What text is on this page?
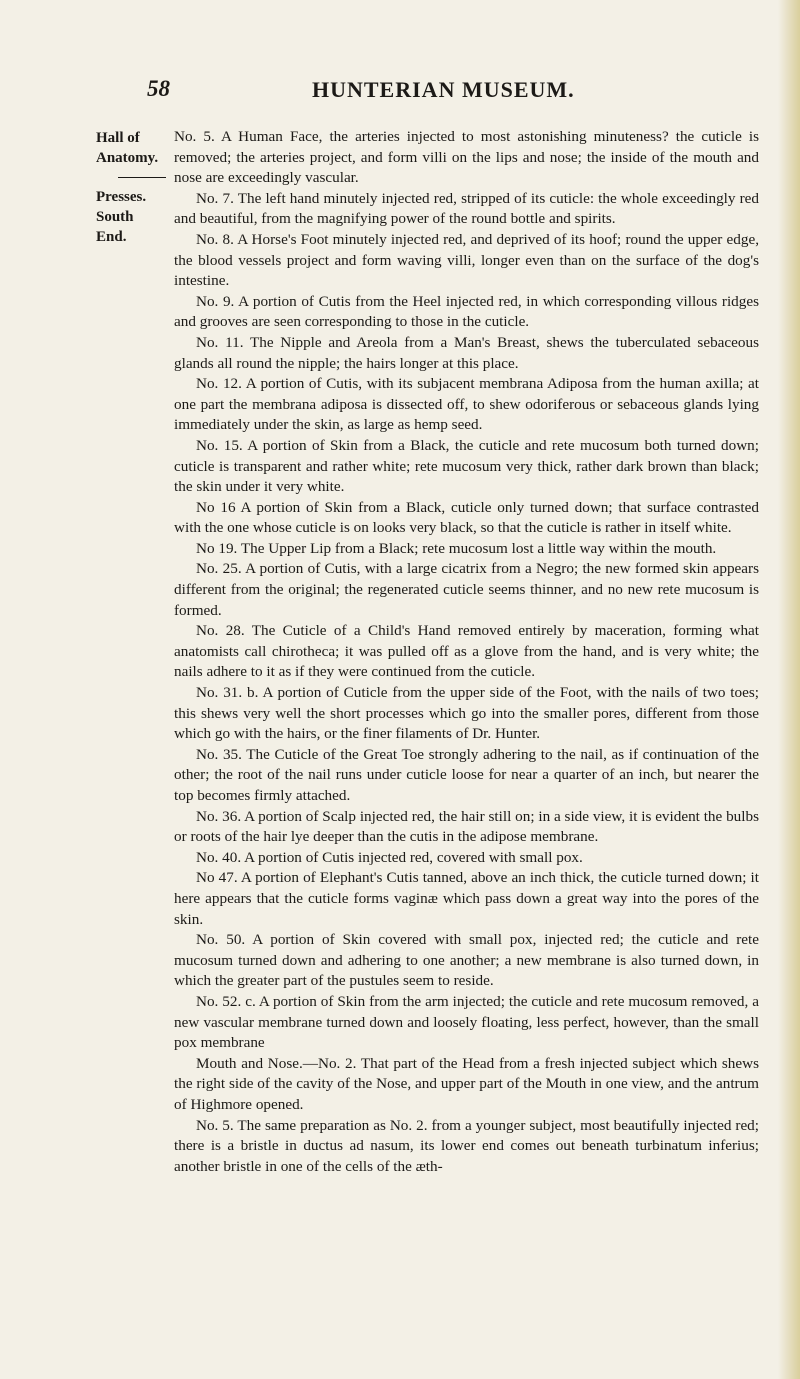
58	HUNTERIAN MUSEUM.
Hall of
Anatomy.
Presses.
South End.

No. 5. A Human Face, the arteries injected to most astonishing minuteness? the cuticle is removed; the arteries project, and form villi on the lips and nose; the inside of the mouth and nose are exceedingly vascular.

No. 7. The left hand minutely injected red, stripped of its cuticle: the whole exceedingly red and beautiful, from the magnifying power of the round bottle and spirits.

No. 8. A Horse's Foot minutely injected red, and deprived of its hoof; round the upper edge, the blood vessels project and form waving villi, longer even than on the surface of the dog's intestine.

No. 9. A portion of Cutis from the Heel injected red, in which corresponding villous ridges and grooves are seen corresponding to those in the cuticle.

No. 11. The Nipple and Areola from a Man's Breast, shews the tuberculated sebaceous glands all round the nipple; the hairs longer at this place.

No. 12. A portion of Cutis, with its subjacent membrana Adiposa from the human axilla; at one part the membrana adiposa is dissected off, to shew odoriferous or sebaceous glands lying immediately under the skin, as large as hemp seed.

No. 15. A portion of Skin from a Black, the cuticle and rete mucosum both turned down; cuticle is transparent and rather white; rete mucosum very thick, rather dark brown than black; the skin under it very white.

No 16 A portion of Skin from a Black, cuticle only turned down; that surface contrasted with the one whose cuticle is on looks very black, so that the cuticle is rather in itself white.

No 19. The Upper Lip from a Black; rete mucosum lost a little way within the mouth.

No. 25. A portion of Cutis, with a large cicatrix from a Negro; the new formed skin appears different from the original; the regenerated cuticle seems thinner, and no new rete mucosum is formed.

No. 28. The Cuticle of a Child's Hand removed entirely by maceration, forming what anatomists call chirotheca; it was pulled off as a glove from the hand, and is very white; the nails adhere to it as if they were continued from the cuticle.

No. 31. b. A portion of Cuticle from the upper side of the Foot, with the nails of two toes; this shews very well the short processes which go into the smaller pores, different from those which go with the hairs, or the finer filaments of Dr. Hunter.

No. 35. The Cuticle of the Great Toe strongly adhering to the nail, as if continuation of the other; the root of the nail runs under cuticle loose for near a quarter of an inch, but nearer the top becomes firmly attached.

No. 36. A portion of Scalp injected red, the hair still on; in a side view, it is evident the bulbs or roots of the hair lye deeper than the cutis in the adipose membrane.

No. 40. A portion of Cutis injected red, covered with small pox.

No 47. A portion of Elephant's Cutis tanned, above an inch thick, the cuticle turned down; it here appears that the cuticle forms vaginæ which pass down a great way into the pores of the skin.

No. 50. A portion of Skin covered with small pox, injected red; the cuticle and rete mucosum turned down and adhering to one another; a new membrane is also turned down, in which the greater part of the pustules seem to reside.

No. 52. c. A portion of Skin from the arm injected; the cuticle and rete mucosum removed, a new vascular membrane turned down and loosely floating, less perfect, however, than the small pox membrane

Mouth and Nose.—No. 2. That part of the Head from a fresh injected subject which shews the right side of the cavity of the Nose, and upper part of the Mouth in one view, and the antrum of Highmore opened.

No. 5. The same preparation as No. 2. from a younger subject, most beautifully injected red; there is a bristle in ductus ad nasum, its lower end comes out beneath turbinatum inferius; another bristle in one of the cells of the æth-
